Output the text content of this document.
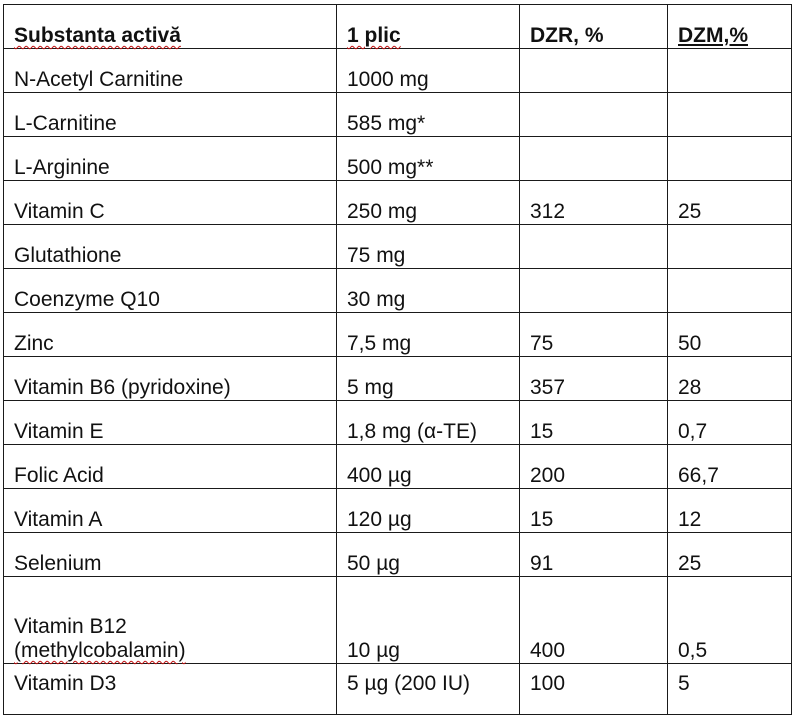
Substanta activă	1 plic	DZR, %	DZM,%
N-Acetyl Carnitine	1000 mg		
L-Carnitine	585 mg*		
L-Arginine	500 mg**		
Vitamin C	250 mg	312	25
Glutathione	75 mg		
Coenzyme Q10	30 mg		
Zinc	7,5 mg	75	50
Vitamin B6 (pyridoxine)	5 mg	357	28
Vitamin E	1,8 mg (α-TE)	15	0,7
Folic Acid	400 µg	200	66,7
Vitamin A	120 µg	15	12
Selenium	50 µg	91	25

Vitamin B12
(methylcobalamin)	10 µg	400	0,5
Vitamin D3	5 µg (200 IU)	100	5
